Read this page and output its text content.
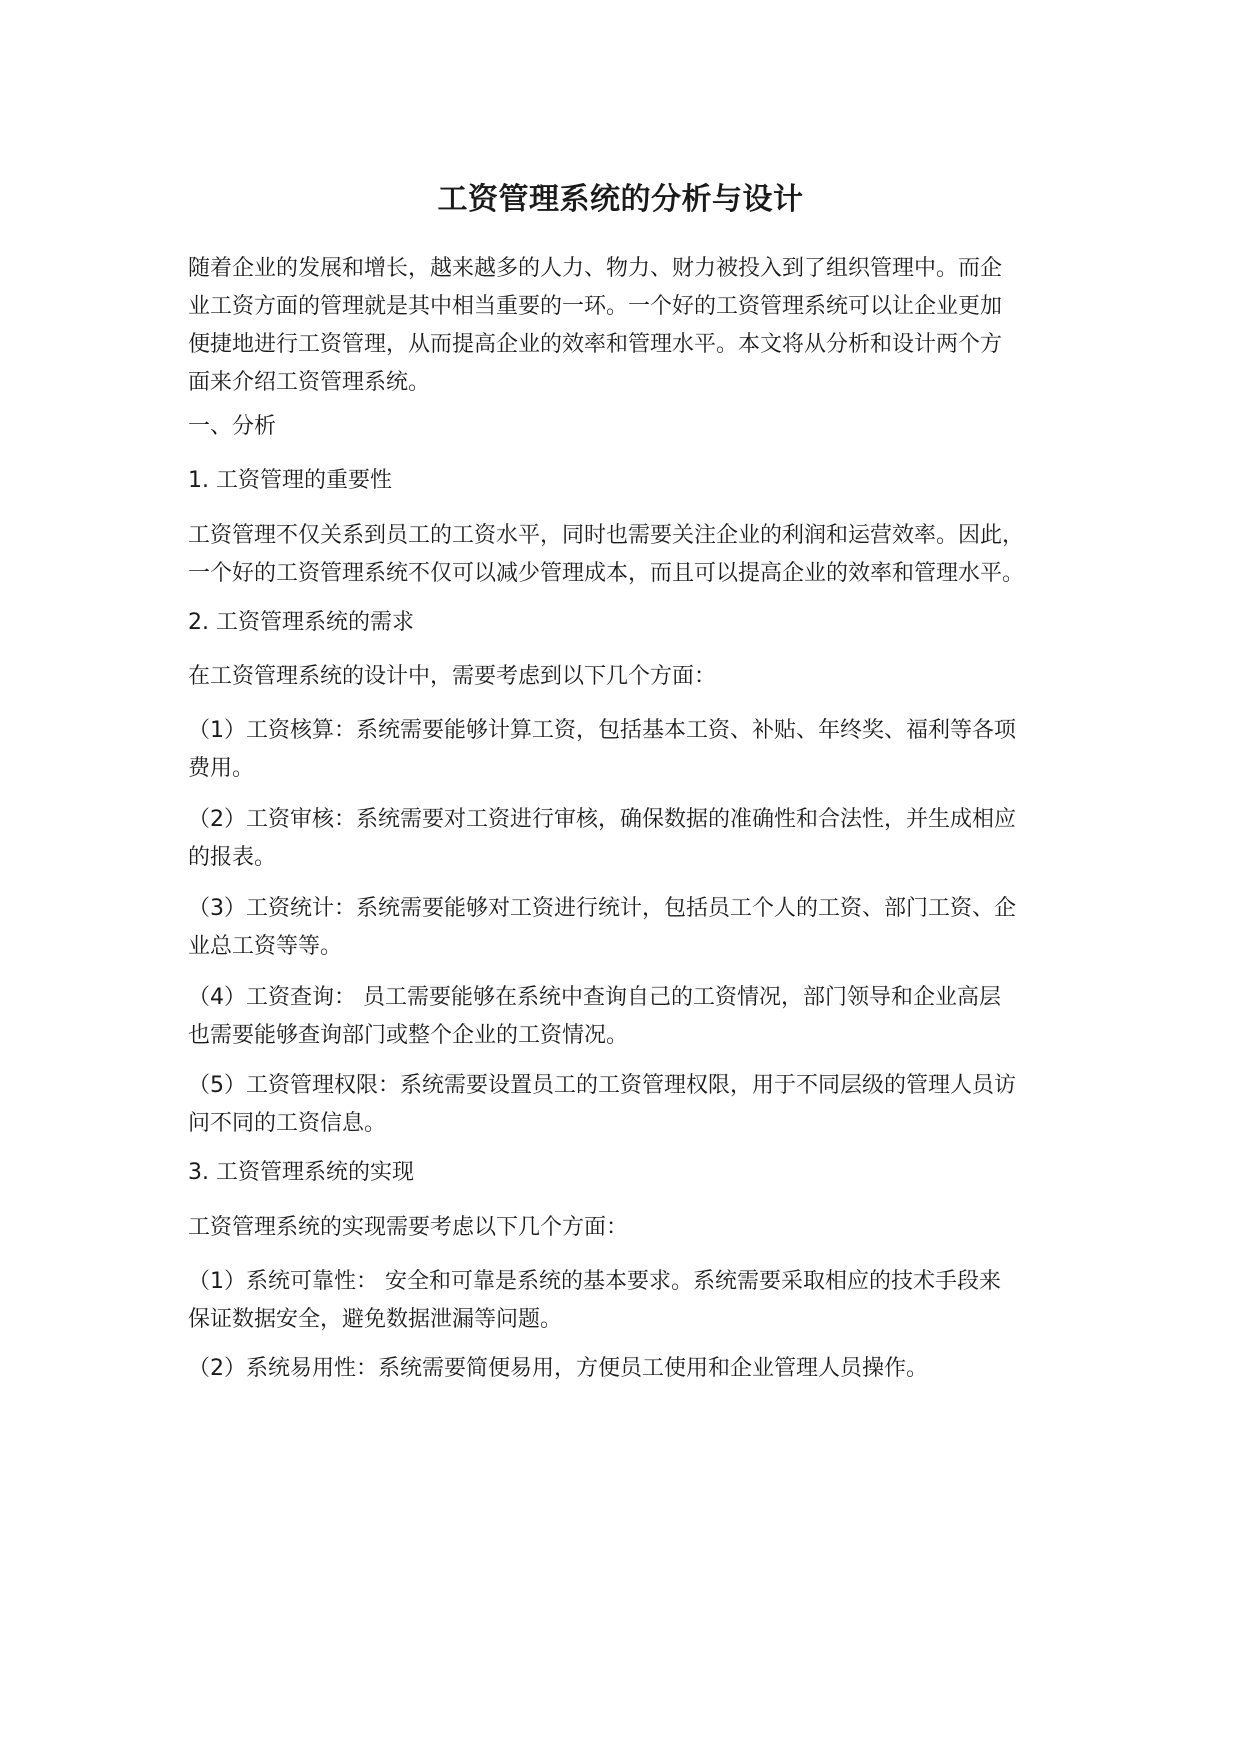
工资管理系统的分析与设计

随着企业的发展和增长，越来越多的人力、物力、财力被投入到了组织管理中。而企
业工资方面的管理就是其中相当重要的一环。一个好的工资管理系统可以让企业更加
便捷地进行工资管理，从而提高企业的效率和管理水平。本文将从分析和设计两个方
面来介绍工资管理系统。

一、分析

1. 工资管理的重要性

工资管理不仅关系到员工的工资水平，同时也需要关注企业的利润和运营效率。因此，
一个好的工资管理系统不仅可以减少管理成本，而且可以提高企业的效率和管理水平。

2. 工资管理系统的需求

在工资管理系统的设计中，需要考虑到以下几个方面：

（1）工资核算：系统需要能够计算工资，包括基本工资、补贴、年终奖、福利等各项
费用。

（2）工资审核：系统需要对工资进行审核，确保数据的准确性和合法性，并生成相应
的报表。

（3）工资统计：系统需要能够对工资进行统计，包括员工个人的工资、部门工资、企
业总工资等等。

（4）工资查询： 员工需要能够在系统中查询自己的工资情况，部门领导和企业高层
也需要能够查询部门或整个企业的工资情况。

（5）工资管理权限：系统需要设置员工的工资管理权限，用于不同层级的管理人员访
问不同的工资信息。

3. 工资管理系统的实现

工资管理系统的实现需要考虑以下几个方面：

（1）系统可靠性： 安全和可靠是系统的基本要求。系统需要采取相应的技术手段来
保证数据安全，避免数据泄漏等问题。

（2）系统易用性：系统需要简便易用，方便员工使用和企业管理人员操作。
